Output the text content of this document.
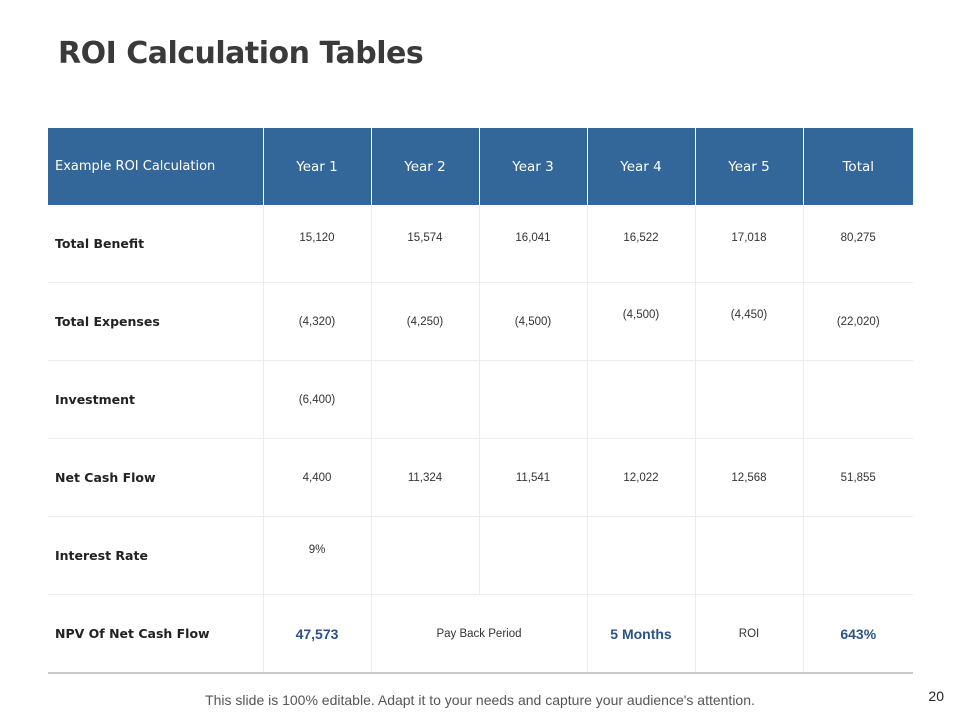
ROI Calculation Tables
Example ROI Calculation	Year 1	Year 2	Year 3	Year 4	Year 5	Total
Total Benefit	15,120	15,574	16,041	16,522	17,018	80,275
Total Expenses	(4,320)	(4,250)	(4,500)	(4,500)	(4,450)	(22,020)
Investment	(6,400)					
Net Cash Flow	4,400	11,324	11,541	12,022	12,568	51,855
Interest Rate	9%					
NPV Of Net Cash Flow	47,573	Pay Back Period		5 Months	ROI	643%
This slide is 100% editable. Adapt it to your needs and capture your audience's attention.	20
